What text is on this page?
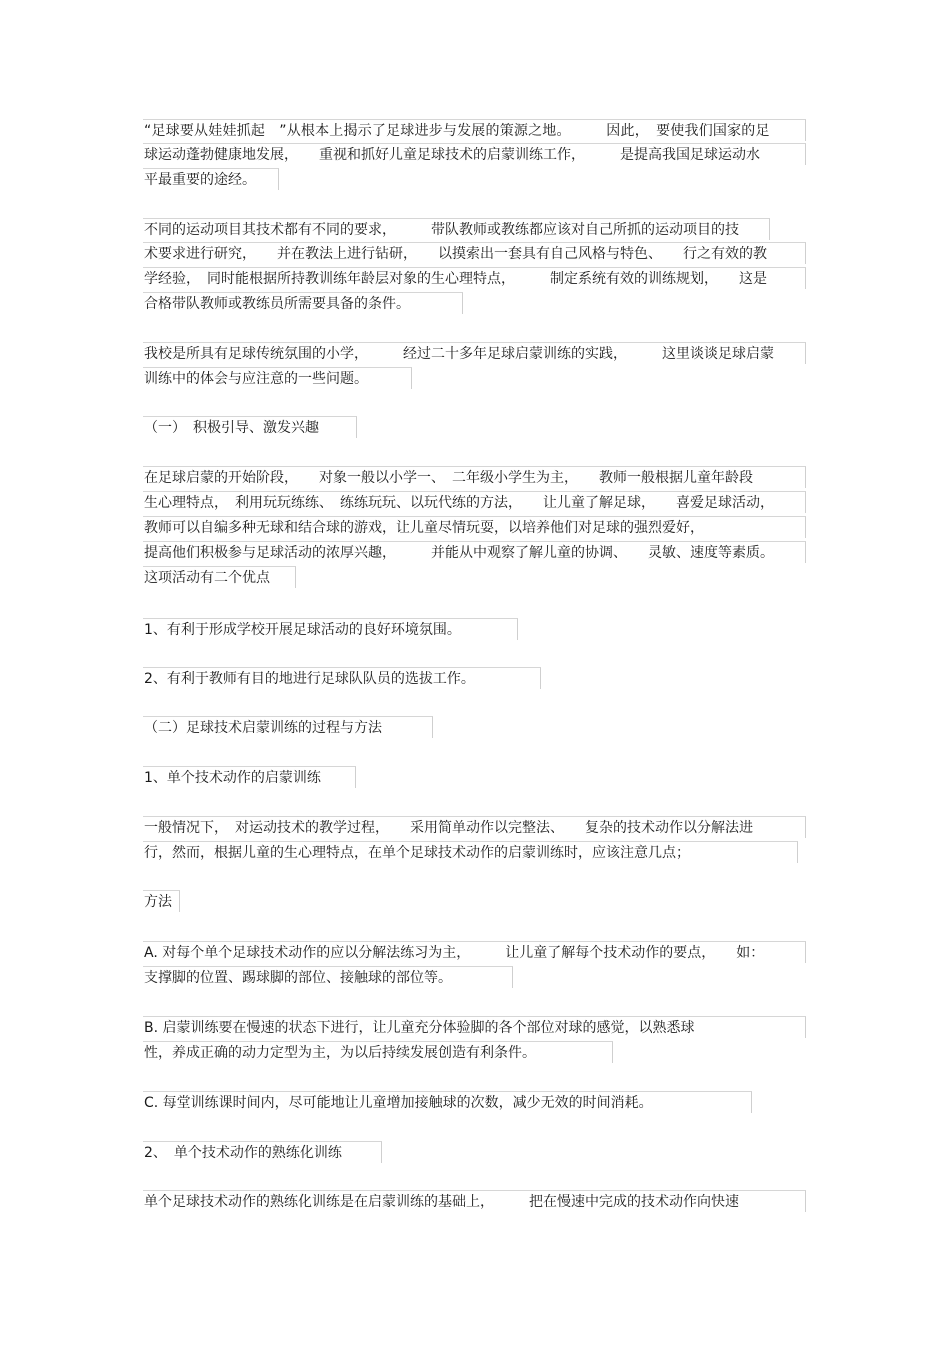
“足球要从娃娃抓起　”从根本上揭示了足球进步与发展的策源之地。　　　因此，　要使我们国家的足
球运动蓬勃健康地发展，　　重视和抓好儿童足球技术的启蒙训练工作，　　　是提高我国足球运动水
平最重要的途经。
不同的运动项目其技术都有不同的要求，　　　带队教师或教练都应该对自己所抓的运动项目的技
术要求进行研究，　　并在教法上进行钻研，　　以摸索出一套具有自己风格与特色、　　行之有效的教
学经验，　同时能根据所持教训练年龄层对象的生心理特点，　　　制定系统有效的训练规划，　　这是
合格带队教师或教练员所需要具备的条件。
我校是所具有足球传统氛围的小学，　　　经过二十多年足球启蒙训练的实践，　　　这里谈谈足球启蒙
训练中的体会与应注意的一些问题。
（一）　积极引导、激发兴趣
在足球启蒙的开始阶段，　　对象一般以小学一、　二年级小学生为主，　　教师一般根据儿童年龄段
生心理特点，　利用玩玩练练、　练练玩玩、以玩代练的方法，　　让儿童了解足球，　　喜爱足球活动，
教师可以自编多种无球和结合球的游戏，让儿童尽情玩耍，以培养他们对足球的强烈爱好，
提高他们积极参与足球活动的浓厚兴趣，　　　并能从中观察了解儿童的协调、　　灵敏、速度等素质。
这项活动有二个优点
1、有利于形成学校开展足球活动的良好环境氛围。
2、有利于教师有目的地进行足球队队员的选拔工作。
（二）足球技术启蒙训练的过程与方法
1、单个技术动作的启蒙训练
一般情况下，　对运动技术的教学过程，　　采用简单动作以完整法、　　复杂的技术动作以分解法进
行，然而，根据儿童的生心理特点，在单个足球技术动作的启蒙训练时，应该注意几点；
方法
A. 对每个单个足球技术动作的应以分解法练习为主，　　　让儿童了解每个技术动作的要点，　　如：
支撑脚的位置、踢球脚的部位、接触球的部位等。
B. 启蒙训练要在慢速的状态下进行，让儿童充分体验脚的各个部位对球的感觉，以熟悉球
性，养成正确的动力定型为主，为以后持续发展创造有利条件。
C. 每堂训练课时间内，尽可能地让儿童增加接触球的次数，减少无效的时间消耗。
2、　单个技术动作的熟练化训练
单个足球技术动作的熟练化训练是在启蒙训练的基础上，　　　把在慢速中完成的技术动作向快速
